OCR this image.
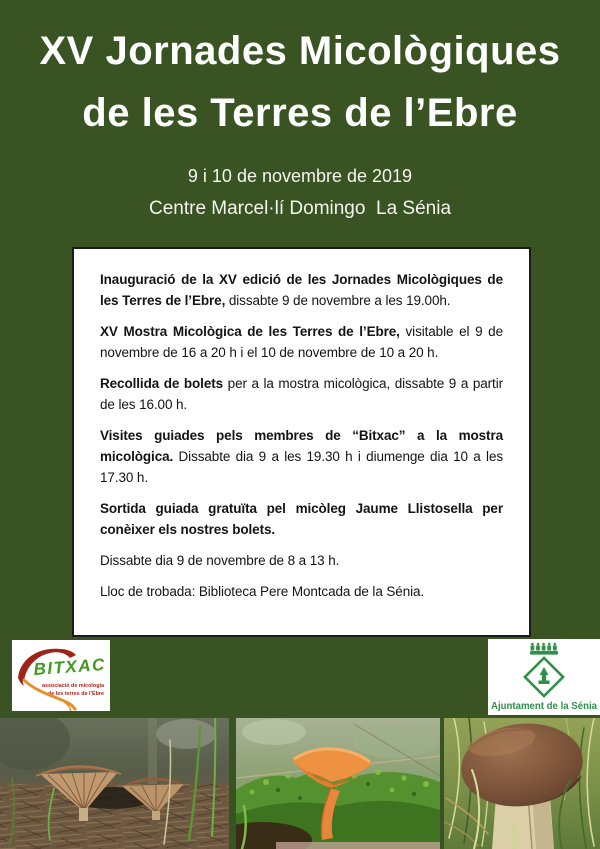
XV Jornades Micològiques
de les Terres de l’Ebre
9 i 10 de novembre de 2019
Centre Marcel·lí Domingo  La Sénia

Inauguració de la XV edició de les Jornades Micològiques de les Terres de l’Ebre, dissabte 9 de novembre a les 19.00h.

XV Mostra Micològica de les Terres de l’Ebre, visitable el 9 de novembre de 16 a 20 h i el 10 de novembre de 10 a 20 h.

Recollida de bolets per a la mostra micològica, dissabte 9 a partir de les 16.00 h.

Visites guiades pels membres de “Bitxac” a la mostra micològica. Dissabte dia 9 a les 19.30 h i diumenge dia 10 a les 17.30 h.

Sortida guiada gratuïta pel micòleg Jaume Llistosella per conèixer els nostres bolets.

Dissabte dia 9 de novembre de 8 a 13 h.

Lloc de trobada: Biblioteca Pere Montcada de la Sénia.

BITXAC
associació de micologia
de les terres de l’Ebre
Ajuntament de la Sénia
